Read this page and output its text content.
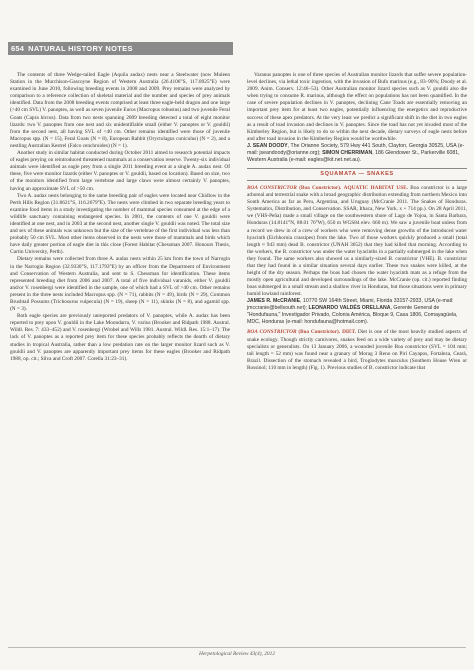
654 NATURAL HISTORY NOTES

The contents of three Wedge-tailed Eagle (Aquila audax) nests near a Steelwater (now Muleen Station in the Murchison-Gascoyne Region of Western Australia (26.4106°S, 117.8925°E) were examined in June 2010, following breeding events in 2008 and 2009. Prey remains were analyzed by comparison to a reference collection of skeletal material and the number and species of prey animals identified. Data from the 2008 breeding events comprised at least three eagle-held dragon and one large (>40 cm SVL) V. panoptes, as well as seven juvenile Euros (Macropus robustus) and two juvenile Feral Goats (Capra hircus). Data from two nests spanning 2009 breeding detected a total of eight monitor lizards: two V. panoptes from one nest and six unidentifiable small (either V. panoptes or V. gouldii) from the second nest, all having SVL of <40 cm. Other remains identified were those of juvenile Macropus spp. (N = 15), Feral Goats (N = 8), European Rabbit (Oryctolagus cuniculus) (N = 2), and a nestling Australian Kestrel (Falco cenchroides) (N = 1).

Another study in similar habitat conducted during October 2011 aimed to research potential impacts of eagles preying on reintroduced threatened mammals at a conservation reserve. Twenty-six individual animals were identified as eagle prey from a single 2011 breeding event at a single A. audax nest. Of these, five were monitor lizards (either V. panoptes or V. gouldii, based on location). Based on size, two of the monitors identified from large vertebrae and large claws were almost certainly V. panoptes, having an approximate SVL of >50 cm.

Two A. audax nests belonging to the same breeding pair of eagles were located near Chidlow in the Perth Hills Region (31.8621°S, 116.2679°E). The nests were climbed in two separate breeding years to examine food items in a study investigating the number of mammal species consumed at the edge of a wildlife sanctuary containing endangered species. In 2001, the contents of one V. gouldii were identified at one nest, and in 2003 at the second nest, another single V. gouldii was noted. The total size and sex of these animals was unknown but the size of the vertebrae of the first individual was less than probably 50 cm SVL. Most other items observed in the nests were those of mammals and birds which have daily greater portion of eagle diet in this close (Forest Habitat (Chessman 2007. Honours Thesis, Curtin University, Perth).

Dietary remains were collected from three A. audax nests within 25 km from the town of Narrogin in the Narrogin Region (32.9330°S, 117.1793°E) by an officer from the Department of Environment and Conservation of Western Australia, and sent to S. Chessman for identification. These items represented breeding diet from 2006 and 2007. A total of five individual varanids, either V. gouldii and/or V. rosenbergi were identified in the sample, one of which had a SVL of >40 cm. Other remains present in the three nests included Macropus spp. (N = 71), rabbits (N = 49), birds (N = 29), Common Brushtail Possums (Trichosurus vulpecula) (N = 19), sheep (N = 11), skinks (N = 8), and agamid spp. (N = 3).

Both eagle species are previously unreported predators of V. panoptes, while A. audax has been reported to prey upon V. gouldii in the Lake Moondarra, V. varius (Brooker and Ridpath 1988. Austral. Wildl. Res. 7: 433–452) and V. rosenbergi (Wrobel and Wills 1981. Austral. Wildl. Res. 15:1–17). The lack of V. panoptes as a reported prey item for these species probably reflects the dearth of dietary studies in tropical Australia, rather than a low predation rate on the larger monitor lizard such as V. gouldii and V. panoptes are apparently important prey items for these eagles (Brooker and Ridpath 1988, op. cit.; Silva and Croft 2007. Corella 31:23–31).

Varanus panoptes is one of three species of Australian monitor lizards that suffer severe population-level declines, via lethal toxic ingestion, with the invasion of Bufo marinus (e.g., 83–90%; Doody et al. 2009. Anim. Conserv. 12:46–53). Other Australian monitor lizard species such as V. gouldii also die when trying to consume R. marinus, although the effect on populations has not been quantified. In the case of severe population declines in V. panoptes, declining Cane Toads are essentially removing an important prey item for at least two eagles, potentially influencing the energetics and reproductive success of these apex predators. At the very least we predict a significant shift in the diet in two eagles as a result of toad invasion and declines in V. panoptes. Since the toad has not yet invaded most of the Kimberley Region, but is likely to do so within the next decade, dietary surveys of eagle nests before and after toad invasion in the Kimberley Region would be worthwhile.

J. SEAN DOODY, The Orianne Society, 579 Hwy 441 South, Clayton, Georgia 30525, USA (e-mail: jseandoody@orianne.org); SIMON CHERRIMAN, 186 Glendower St., Parkerville 6081, Western Australia (e-mail: eagles@kit.net.net.au).
SQUAMATA — SNAKES

BOA CONSTRICTOR (Boa Constrictor). AQUATIC HABITAT USE. Boa constrictor is a large arboreal and terrestrial snake with a broad geographic distribution extending from northern Mexico into South America as far as Peru, Argentina, and Uruguay (McCranie 2011. The Snakes of Honduras. Systematics, Distribution, and Conservation. SSAR, Ithaca, New York. x + 714 pp.). On 28 April 2011, we (VHS-Peña) made a small village on the southwestern shore of Lago de Yojoa, in Santa Barbara, Honduras (14.8141°N, 88.01 76°W), 650 m WGS84 elev. 660 m). We saw a juvenile boat unless from a record we drew in of a crew of workers who were removing dense growths of the introduced water hyacinth (Eichhornia crassipes) from the lake. Two of those workers quickly produced a small (total length ≈ 943 mm) dead B. constrictor (UNAH 3652) that they had killed that morning. According to the workers, the B. constrictor was under the water hyacinths in a partially submerged in the lake when they found. The same workers also showed us a similarly-sized B. constrictor (VHE). B. constrictor that they had found in a similar situation several days earlier. These two snakes were killed, at the height of the dry season. Perhaps the boas had chosen the water hyacinth mats as a refuge from the mostly open agricultural and developed surroundings of the lake. McCranie (op. cit.) reported finding boas submerged in a small stream and a shallow river in Honduras, but those situations were in primary humid lowland rainforest.

JAMES R. McCRANIE, 10770 SW 164th Street, Miami, Florida 33157-2933, USA (e-mail: jmccranie@bellsouth.net); LEONARDO VALDÉS ORELLANA, Gerente General de "Hondufauna," Investigador Privado, Colonia América, Bloque 9, Casa 1806, Comayagüela, MDC, Honduras (e-mail: hondufauna@hotmail.com).

BOA CONSTRICTOR (Boa Constrictor). DIET. Diet is one of the most heavily studied aspects of snake ecology. Though strictly carnivores, snakes feed on a wide variety of prey and may be dietary specialists or generalists. On 13 January 2006, a wounded juvenile Boa constrictor (SVL = 104 mm; tail length = 52 mm) was found near a granary of Morag 3 Reno on Pirí Cayapos, Fortaleza, Ceará, Brazil. Dissection of the stomach revealed a bird, Troglodytes musculus (Southern House Wren or Rossinol; 110 mm in length) (Fig. 1). Previous studies of B. constrictor indicate that

Herpetological Review 43(4), 2012
